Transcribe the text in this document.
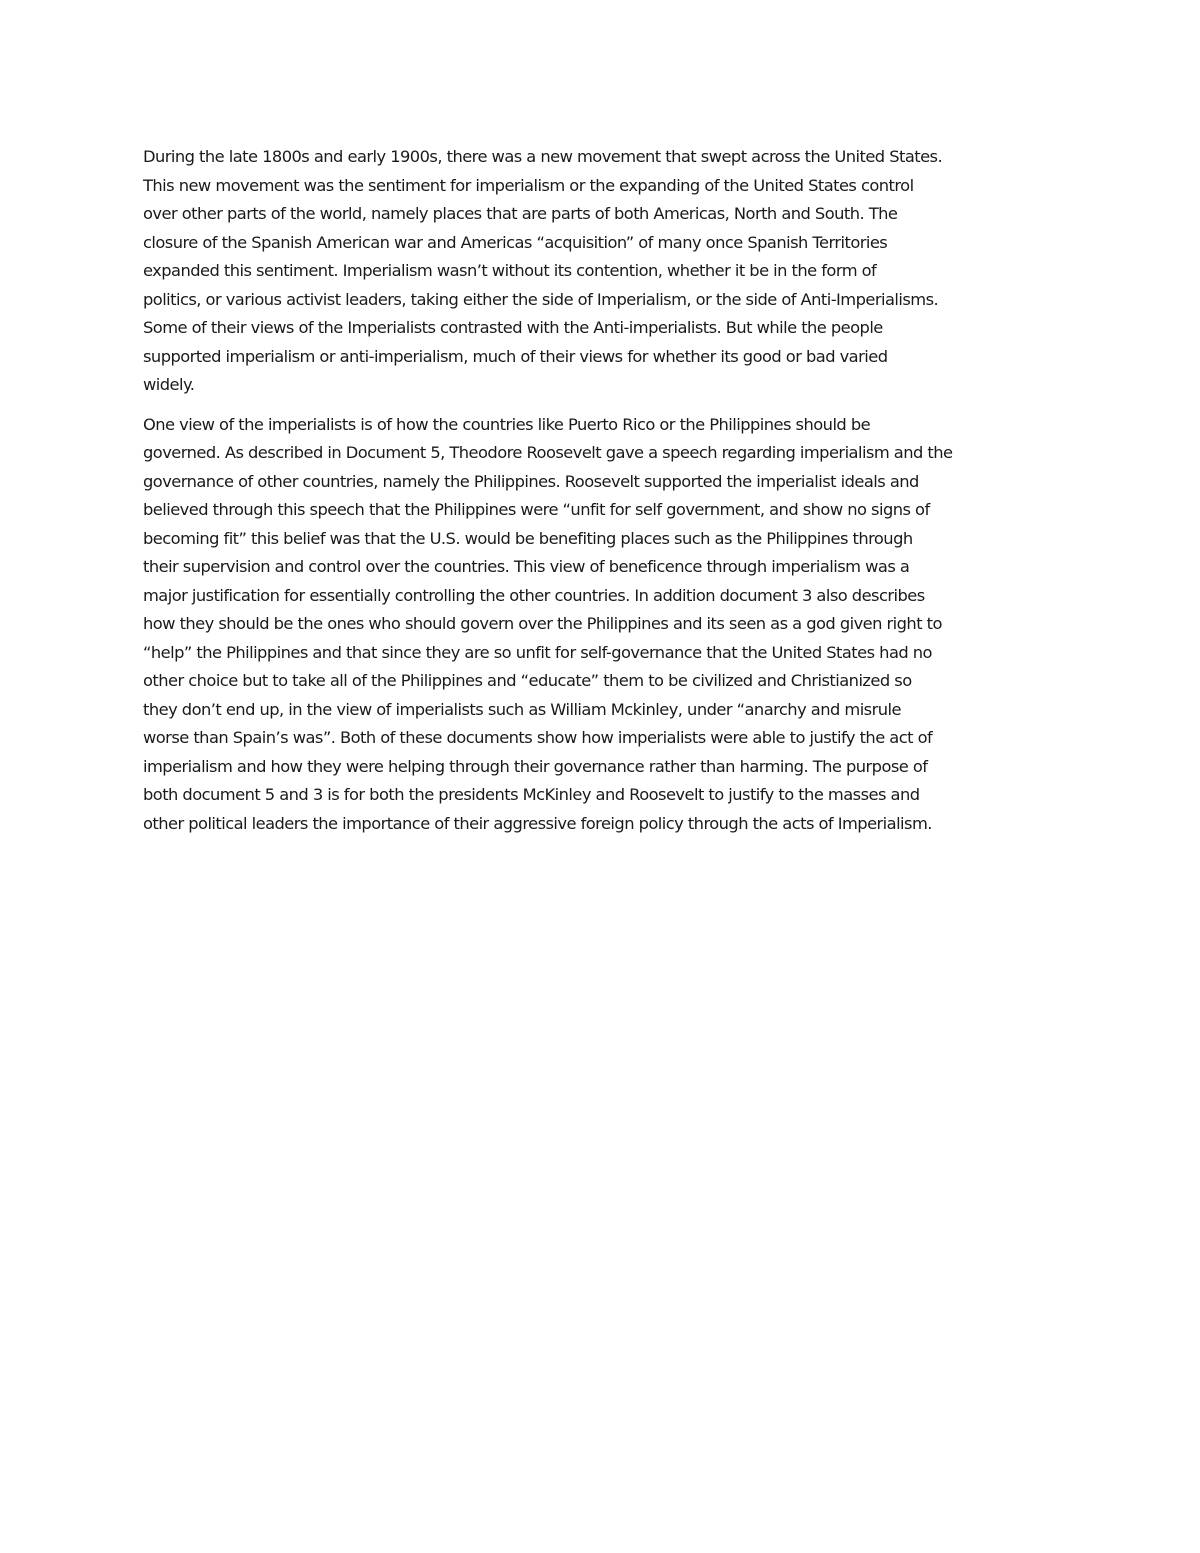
During the late 1800s and early 1900s, there was a new movement that swept across the United States.
This new movement was the sentiment for imperialism or the expanding of the United States control
over other parts of the world, namely places that are parts of both Americas, North and South. The
closure of the Spanish American war and Americas “acquisition” of many once Spanish Territories
expanded this sentiment. Imperialism wasn’t without its contention, whether it be in the form of
politics, or various activist leaders, taking either the side of Imperialism, or the side of Anti-Imperialisms.
Some of their views of the Imperialists contrasted with the Anti-imperialists. But while the people
supported imperialism or anti-imperialism, much of their views for whether its good or bad varied
widely.
One view of the imperialists is of how the countries like Puerto Rico or the Philippines should be
governed. As described in Document 5, Theodore Roosevelt gave a speech regarding imperialism and the
governance of other countries, namely the Philippines. Roosevelt supported the imperialist ideals and
believed through this speech that the Philippines were “unfit for self government, and show no signs of
becoming fit” this belief was that the U.S. would be benefiting places such as the Philippines through
their supervision and control over the countries. This view of beneficence through imperialism was a
major justification for essentially controlling the other countries. In addition document 3 also describes
how they should be the ones who should govern over the Philippines and its seen as a god given right to
“help” the Philippines and that since they are so unfit for self-governance that the United States had no
other choice but to take all of the Philippines and “educate” them to be civilized and Christianized so
they don’t end up, in the view of imperialists such as William Mckinley, under “anarchy and misrule
worse than Spain’s was”. Both of these documents show how imperialists were able to justify the act of
imperialism and how they were helping through their governance rather than harming. The purpose of
both document 5 and 3 is for both the presidents McKinley and Roosevelt to justify to the masses and
other political leaders the importance of their aggressive foreign policy through the acts of Imperialism.
